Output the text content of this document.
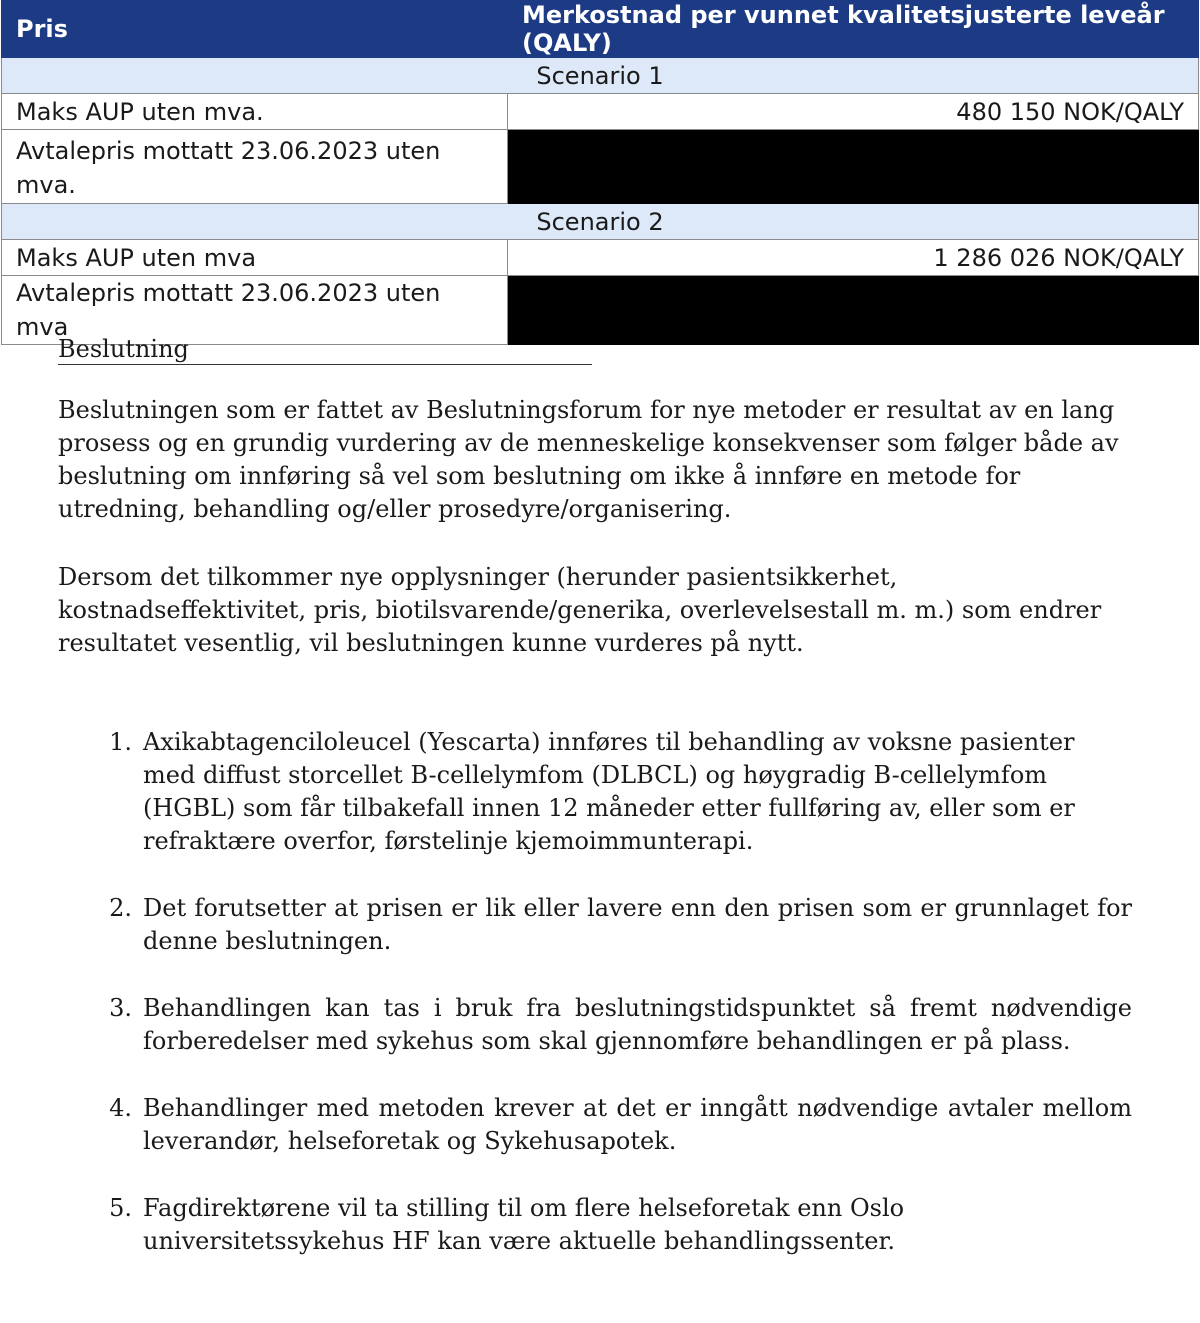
Pris	Merkostnad per vunnet kvalitetsjusterte leveår (QALY)
Scenario 1	
Maks AUP uten mva.	480 150 NOK/QALY
Avtalepris mottatt 23.06.2023 uten mva.	
Scenario 2	
Maks AUP uten mva	1 286 026 NOK/QALY
Avtalepris mottatt 23.06.2023 uten mva	
Beslutning

Beslutningen som er fattet av Beslutningsforum for nye metoder er resultat av en lang prosess og en grundig vurdering av de menneskelige konsekvenser som følger både av beslutning om innføring så vel som beslutning om ikke å innføre en metode for utredning, behandling og/eller prosedyre/organisering.

Dersom det tilkommer nye opplysninger (herunder pasientsikkerhet, kostnadseffektivitet, pris, biotilsvarende/generika, overlevelsestall m. m.) som endrer resultatet vesentlig, vil beslutningen kunne vurderes på nytt.

1. Axikabtagenciloleucel (Yescarta) innføres til behandling av voksne pasienter med diffust storcellet B-cellelymfom (DLBCL) og høygradig B-cellelymfom (HGBL) som får tilbakefall innen 12 måneder etter fullføring av, eller som er refraktære overfor, førstelinje kjemoimmunterapi.
2. Det forutsetter at prisen er lik eller lavere enn den prisen som er grunnlaget for denne beslutningen.
3. Behandlingen kan tas i bruk fra beslutningstidspunktet så fremt nødvendige forberedelser med sykehus som skal gjennomføre behandlingen er på plass.
4. Behandlinger med metoden krever at det er inngått nødvendige avtaler mellom leverandør, helseforetak og Sykehusapotek.
5. Fagdirektørene vil ta stilling til om flere helseforetak enn Oslo universitetssykehus HF kan være aktuelle behandlingssenter.
